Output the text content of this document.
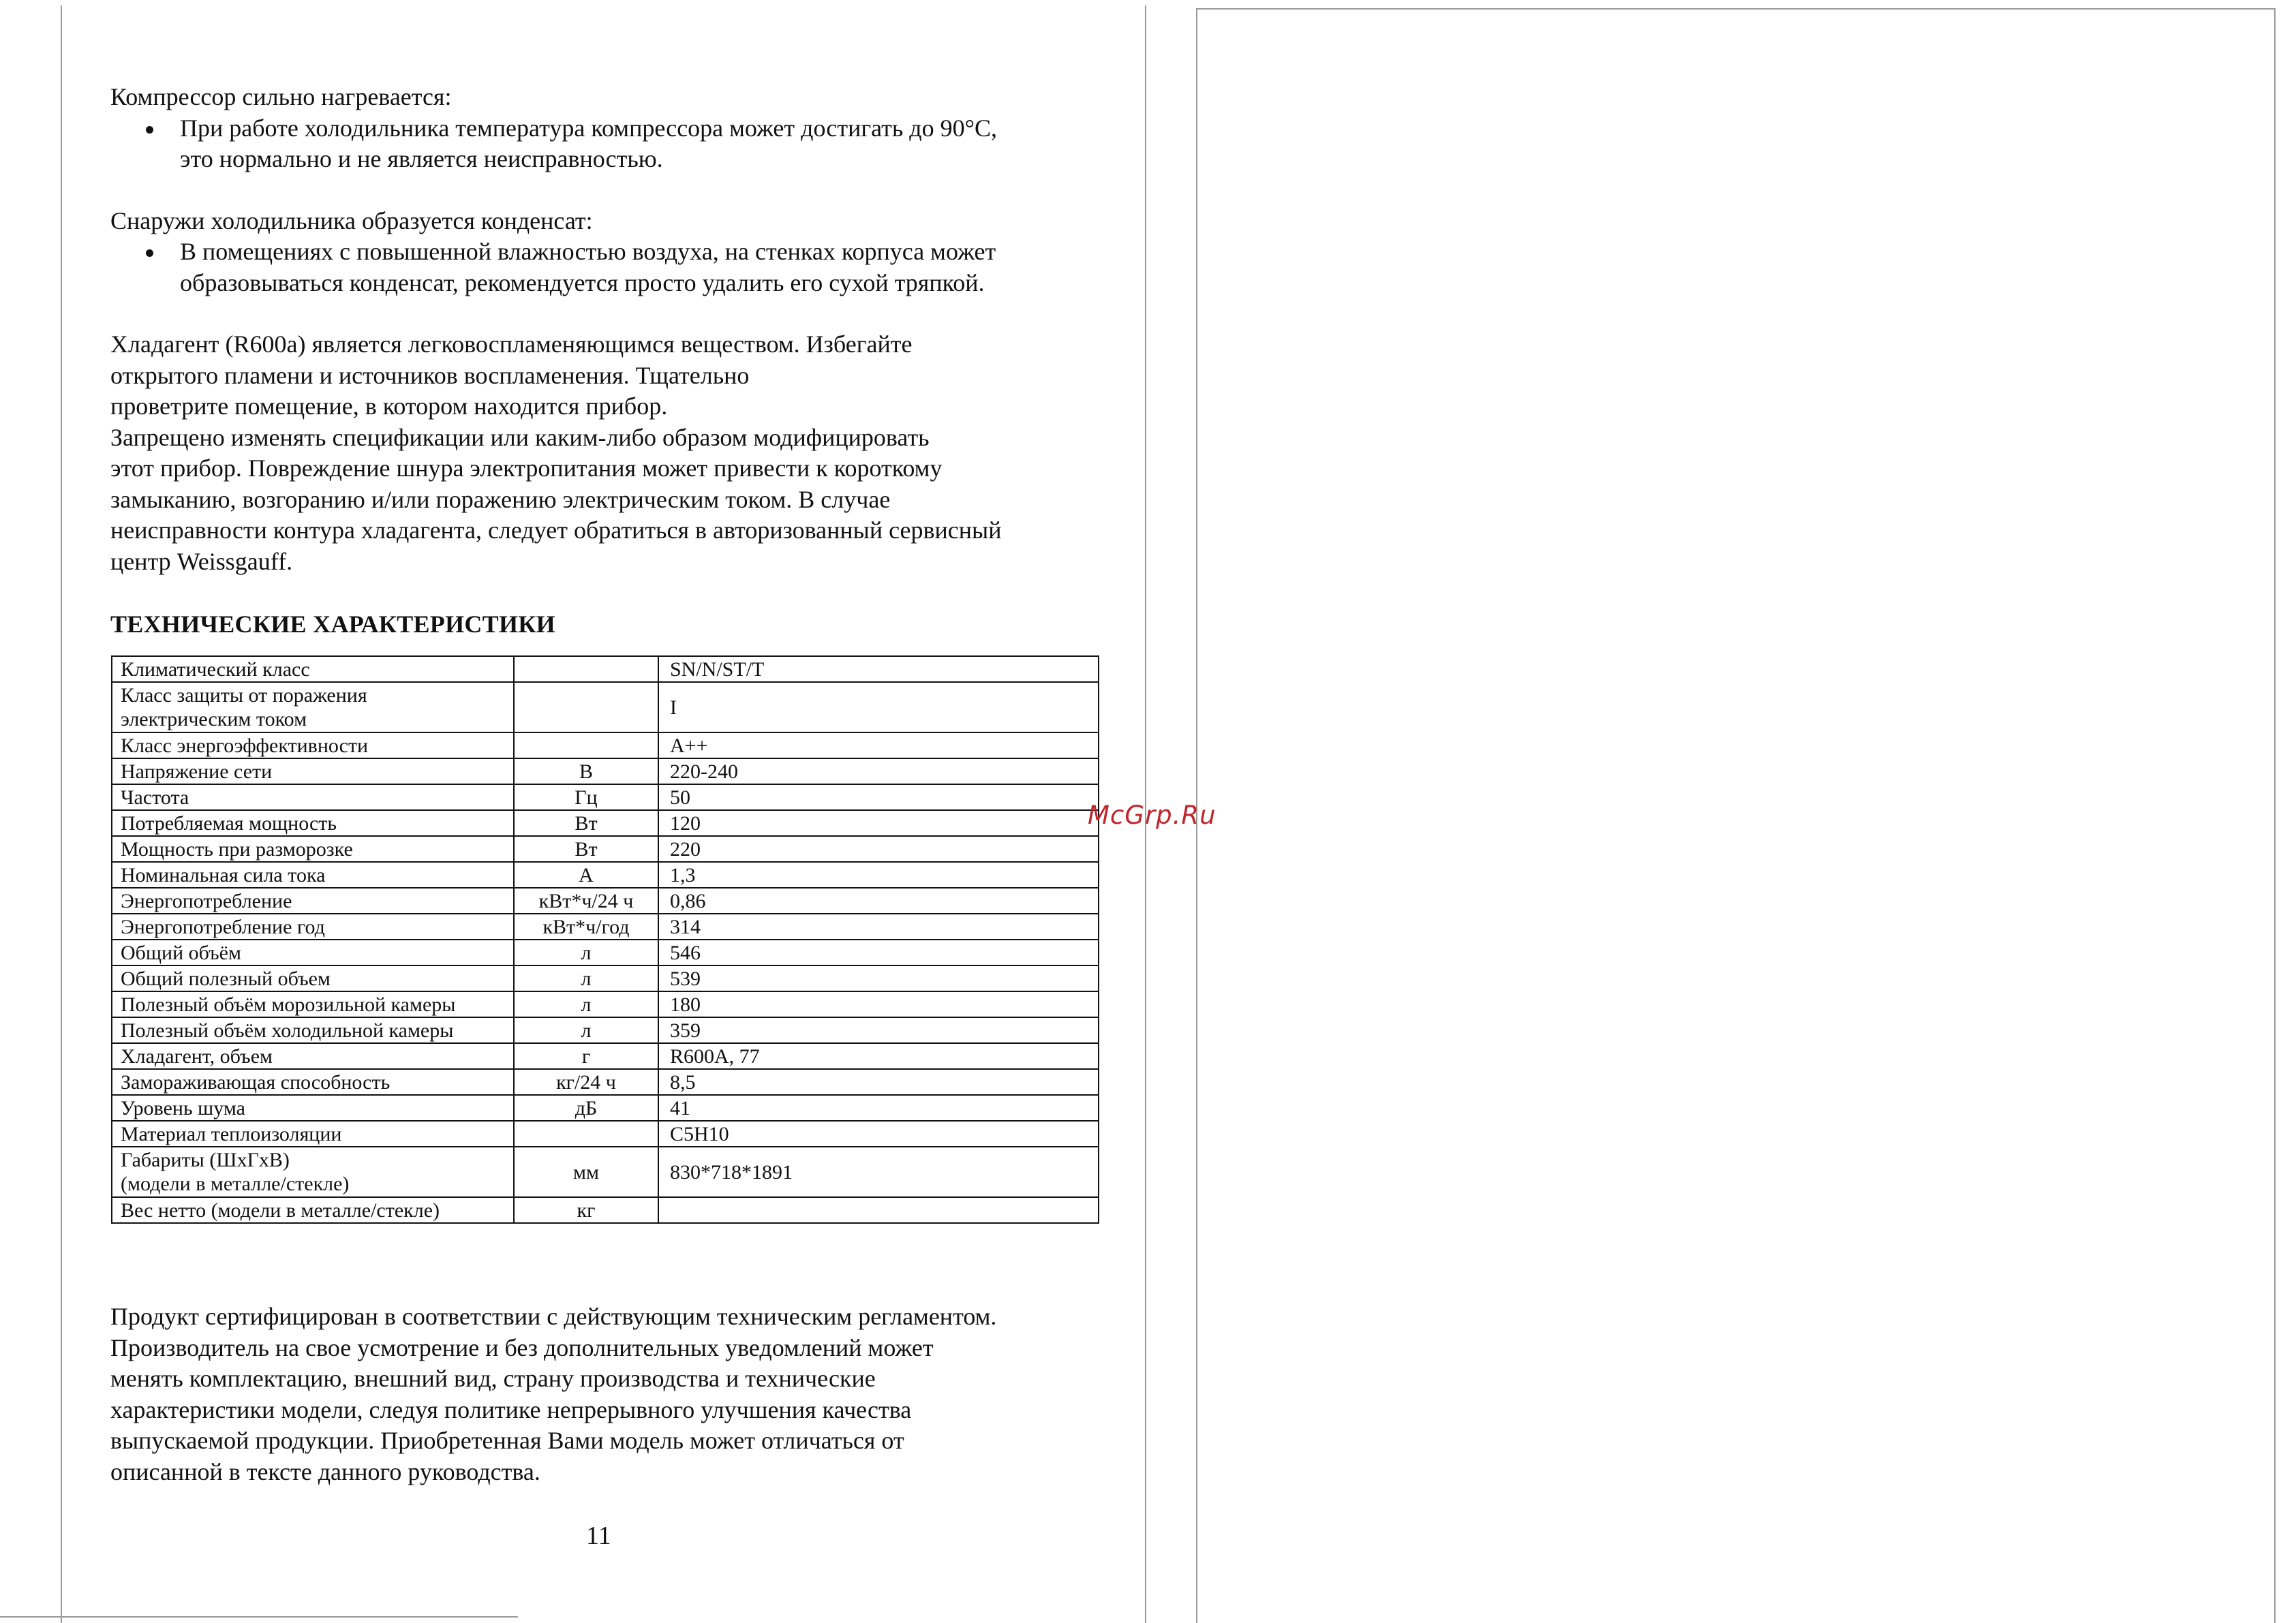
Компрессор сильно нагревается:

При работе холодильника температура компрессора может достигать до 90°С,
это нормально и не является неисправностью.

Снаружи холодильника образуется конденсат:

В помещениях с повышенной влажностью воздуха, на стенках корпуса может
образовываться конденсат, рекомендуется просто удалить его сухой тряпкой.
Хладагент (R600a) является легковоспламеняющимся веществом. Избегайте
открытого пламени и источников воспламенения. Тщательно
проветрите помещение, в котором находится прибор.
Запрещено изменять спецификации или каким-либо образом модифицировать
этот прибор. Повреждение шнура электропитания может привести к короткому
замыканию, возгоранию и/или поражению электрическим током. В случае
неисправности контура хладагента, следует обратиться в авторизованный сервисный
центр Weissgauff.

ТЕХНИЧЕСКИЕ ХАРАКТЕРИСТИКИ

Климатический класс		SN/N/ST/T

Класс защиты от поражения
электрическим током		I

Класс энергоэффективности		А++

Напряжение сети	В	220-240

Частота	Гц	50

Потребляемая мощность	Вт	120

Мощность при разморозке	Вт	220

Номинальная сила тока	А	1,3

Энергопотребление	кВт*ч/24 ч	0,86

Энергопотребление год	кВт*ч/год	314

Общий объём	л	546

Общий полезный объем	л	539

Полезный объём морозильной камеры	л	180

Полезный объём холодильной камеры	л	359

Хладагент, объем	г	R600A, 77

Замораживающая способность	кг/24 ч	8,5

Уровень шума	дБ	41

Материал теплоизоляции		C5H10

Габариты (ШхГхВ)
(модели в металле/стекле)	мм	830*718*1891

Вес нетто (модели в металле/стекле)	кг	
Продукт сертифицирован в соответствии с действующим техническим регламентом.
Производитель на свое усмотрение и без дополнительных уведомлений может
менять комплектацию, внешний вид, страну производства и технические
характеристики модели, следуя политике непрерывного улучшения качества
выпускаемой продукции. Приобретенная Вами модель может отличаться от
описанной в тексте данного руководства.
11
McGrp.Ru
